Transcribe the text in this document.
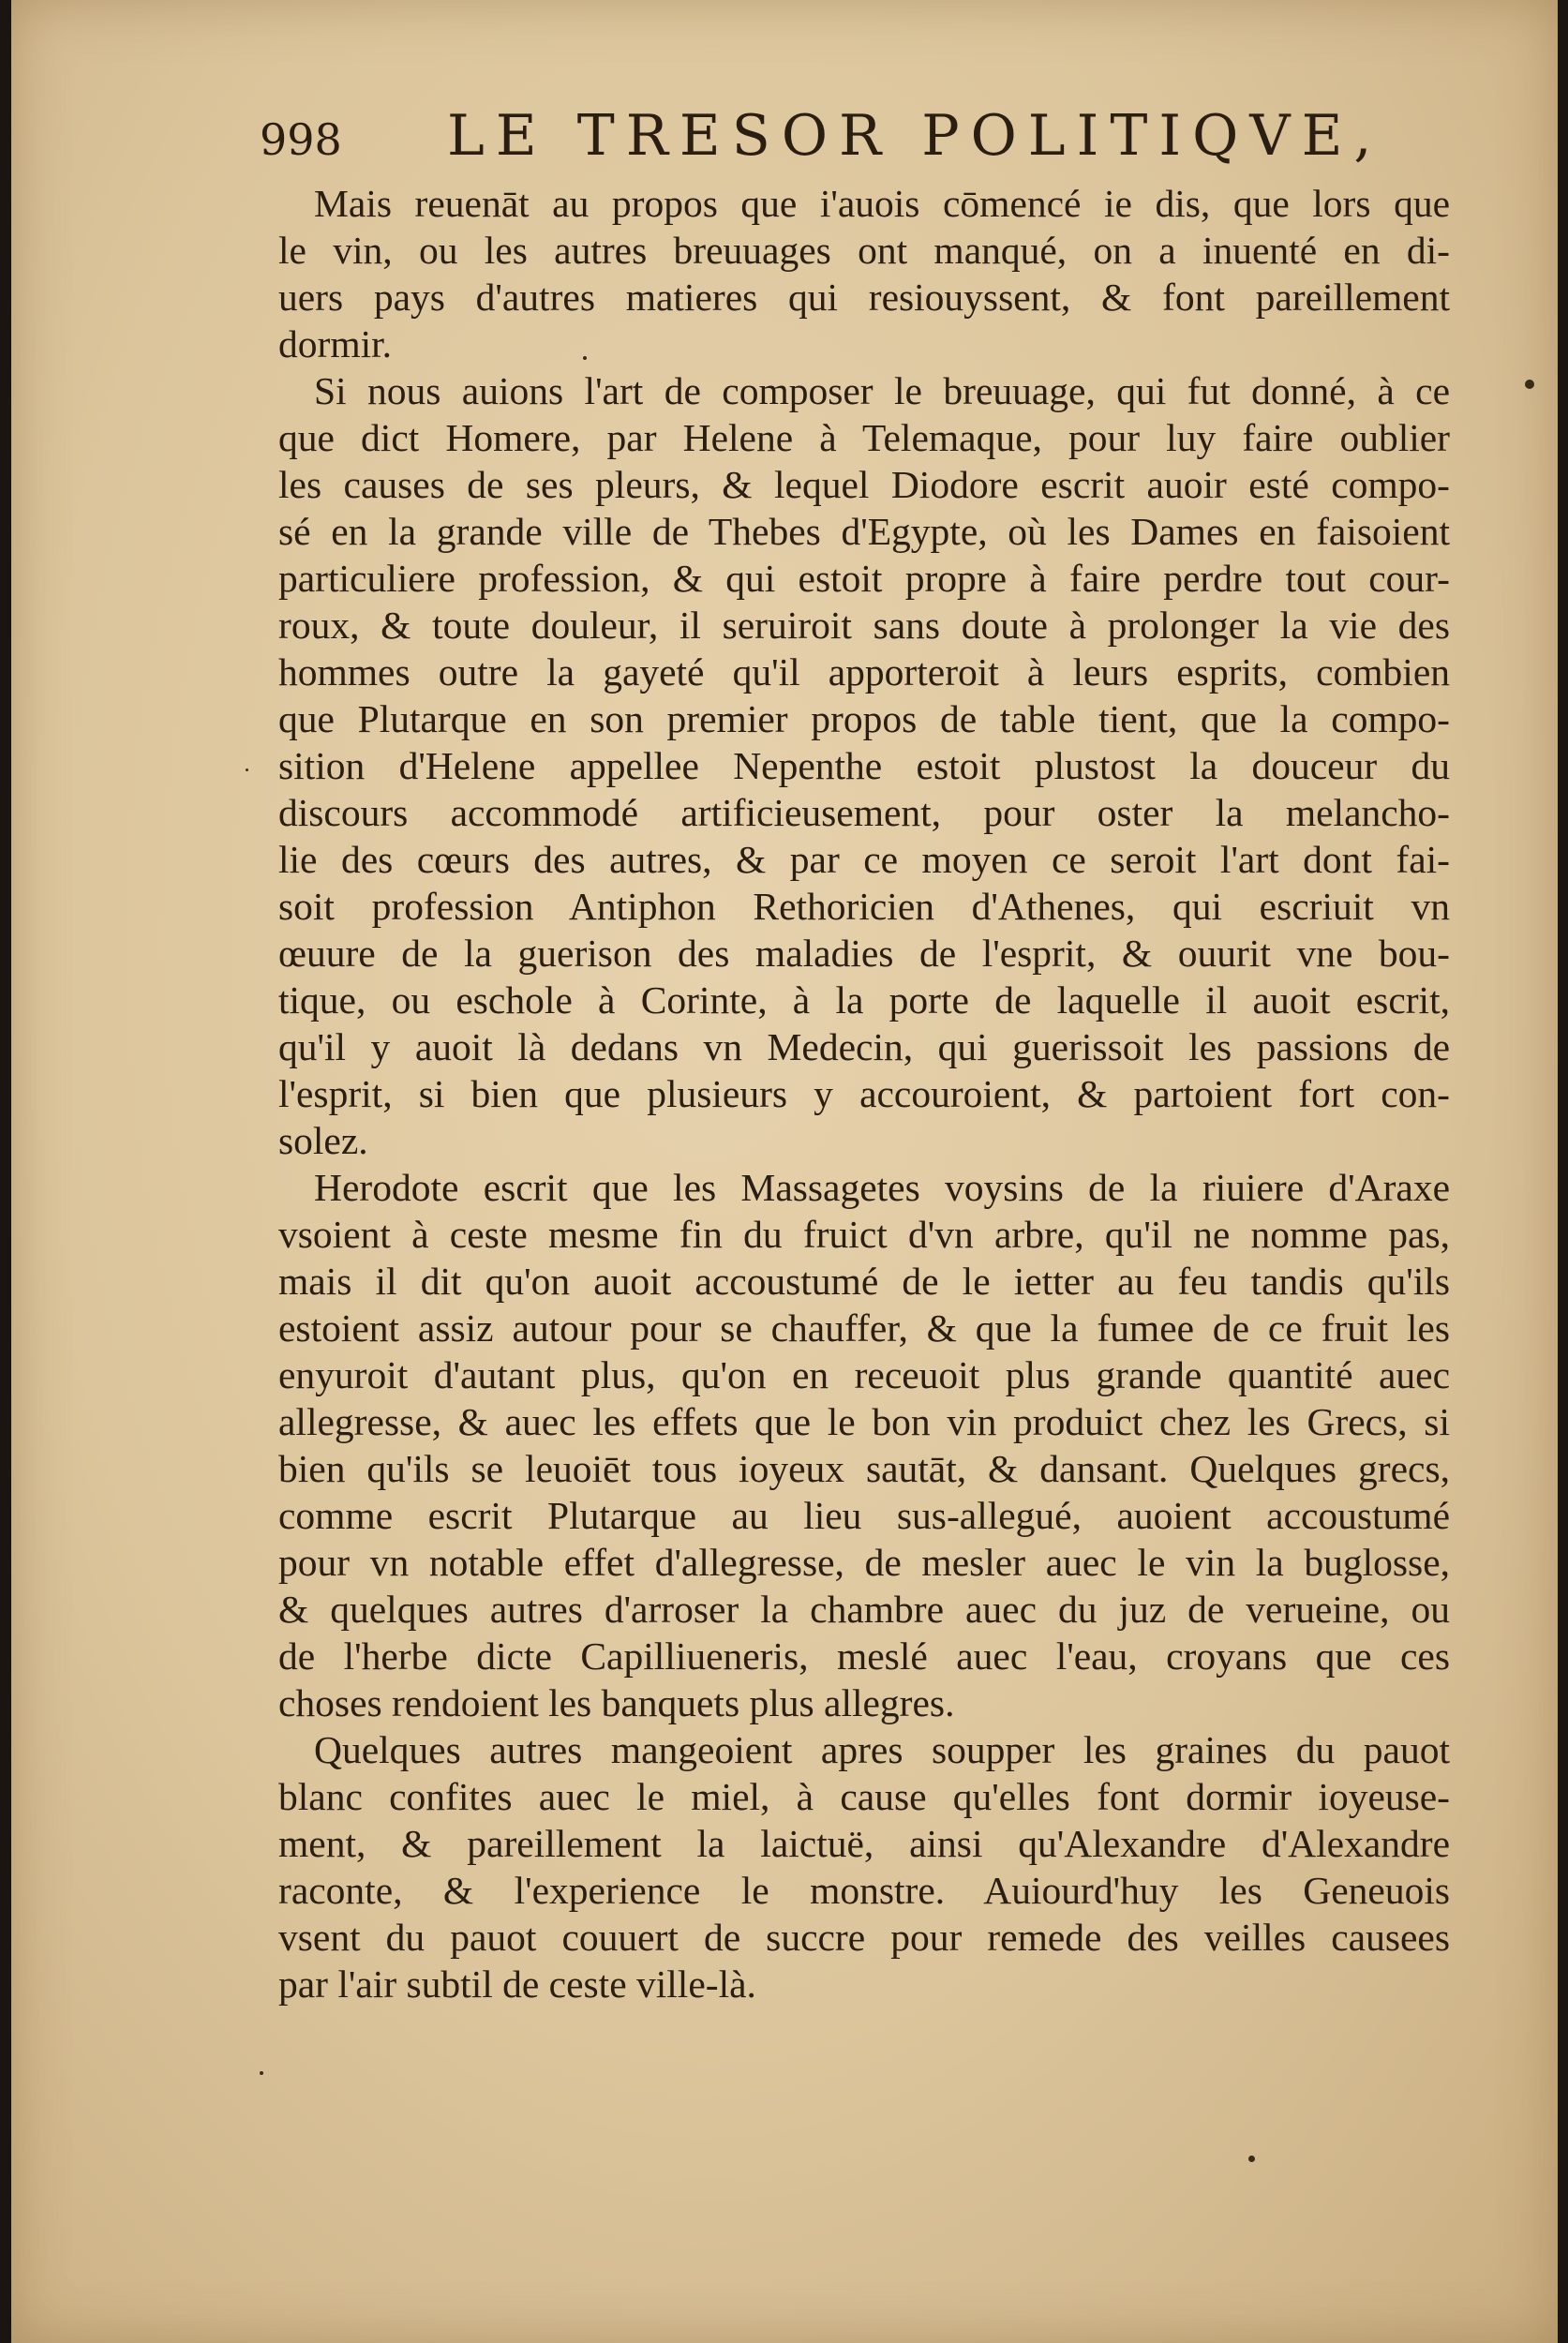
998 LE TRESOR POLITIQVE,
Mais reuenāt au propos que i'auois cōmencé ie dis, que lors que
le vin, ou les autres breuuages ont manqué, on a inuenté en di-
uers pays d'autres matieres qui resiouyssent, & font pareillement
dormir.
Si nous auions l'art de composer le breuuage, qui fut donné, à ce
que dict Homere, par Helene à Telemaque, pour luy faire oublier
les causes de ses pleurs, & lequel Diodore escrit auoir esté compo-
sé en la grande ville de Thebes d'Egypte, où les Dames en faisoient
particuliere profession, & qui estoit propre à faire perdre tout cour-
roux, & toute douleur, il seruiroit sans doute à prolonger la vie des
hommes outre la gayeté qu'il apporteroit à leurs esprits, combien
que Plutarque en son premier propos de table tient, que la compo-
sition d'Helene appellee Nepenthe estoit plustost la douceur du
discours accommodé artificieusement, pour oster la melancho-
lie des cœurs des autres, & par ce moyen ce seroit l'art dont fai-
soit profession Antiphon Rethoricien d'Athenes, qui escriuit vn
œuure de la guerison des maladies de l'esprit, & ouurit vne bou-
tique, ou eschole à Corinte, à la porte de laquelle il auoit escrit,
qu'il y auoit là dedans vn Medecin, qui guerissoit les passions de
l'esprit, si bien que plusieurs y accouroient, & partoient fort con-
solez.
Herodote escrit que les Massagetes voysins de la riuiere d'Araxe
vsoient à ceste mesme fin du fruict d'vn arbre, qu'il ne nomme pas,
mais il dit qu'on auoit accoustumé de le ietter au feu tandis qu'ils
estoient assiz autour pour se chauffer, & que la fumee de ce fruit les
enyuroit d'autant plus, qu'on en receuoit plus grande quantité auec
allegresse, & auec les effets que le bon vin produict chez les Grecs, si
bien qu'ils se leuoiēt tous ioyeux sautāt, & dansant. Quelques grecs,
comme escrit Plutarque au lieu sus-allegué, auoient accoustumé
pour vn notable effet d'allegresse, de mesler auec le vin la buglosse,
& quelques autres d'arroser la chambre auec du juz de verueine, ou
de l'herbe dicte Capilliueneris, meslé auec l'eau, croyans que ces
choses rendoient les banquets plus allegres.
Quelques autres mangeoient apres soupper les graines du pauot
blanc confites auec le miel, à cause qu'elles font dormir ioyeuse-
ment, & pareillement la laictuë, ainsi qu'Alexandre d'Alexandre
raconte, & l'experience le monstre. Auiourd'huy les Geneuois
vsent du pauot couuert de succre pour remede des veilles causees
par l'air subtil de ceste ville-là.
